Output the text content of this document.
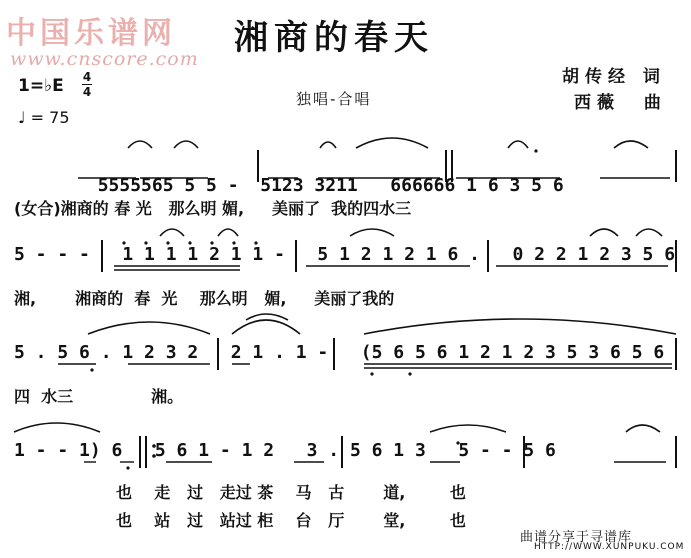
中国乐谱网
www.cnscore.com
湘商的春天
胡传经 词
西薇 曲
1=♭E 4
4
♩ = 75
独唱-合唱

5555565 5 5 -  5123 3211   666666 1 6 3 5 6

(女合)湘商的 春 光   那么明 媚,     美丽了  我的四水三
5 - - -   1 1 1 1 2 1 1 -   5 1 2 1 2 1 6 .   0 2 2 1 2 3 5 6
湘,       湘商的  春  光    那么明   媚,     美丽了我的
5 . 5 6 . 1 2 3 2   2 1 . 1 -   (5 6 5 6 1 2 1 2 3 5 3 6 5 6
四  水三              湘。
1 - - 1) 6   5 6 1 - 1 2   3 . 5 6 1 3   5 - - 5 6
也    走   过   走过 茶    马   古       道,        也
也    站   过   站过 柜    台   厅       堂,        也
曲谱分享于寻谱库
HTTP://WWW.XUNPUKU.COM
